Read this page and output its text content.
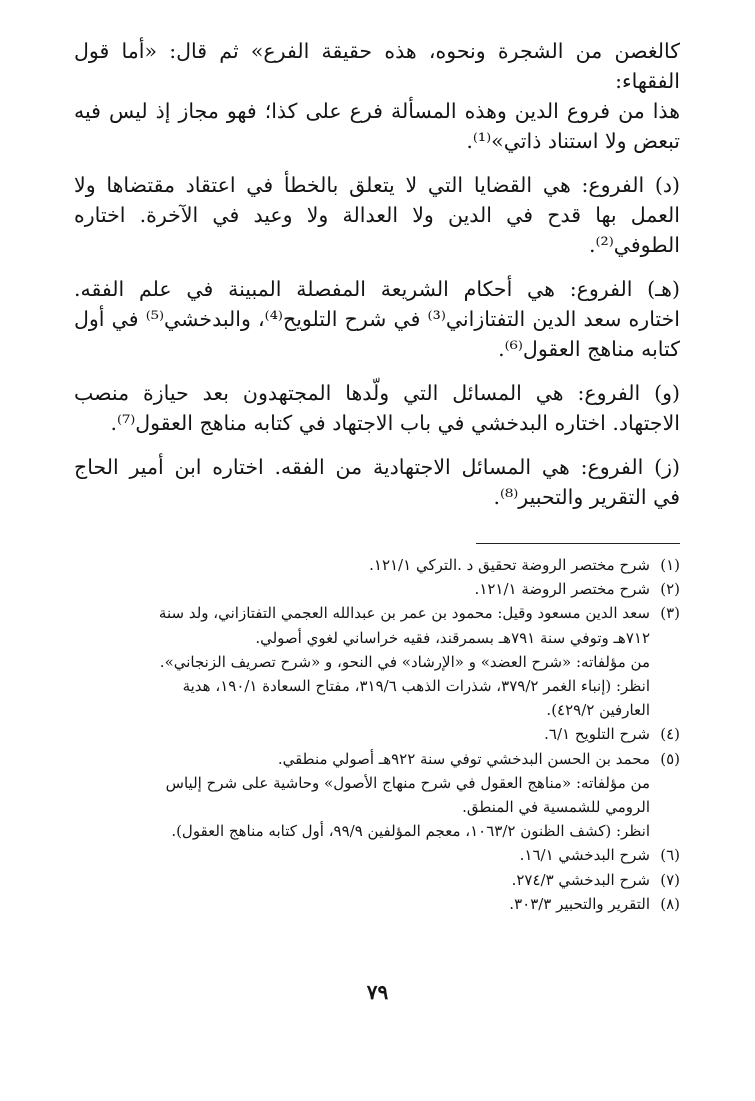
كالغصن من الشجرة ونحوه، هذه حقيقة الفرع» ثم قال: «أما قول الفقهاء:

هذا من فروع الدين وهذه المسألة فرع على كذا؛ فهو مجاز إذ ليس فيه

تبعض ولا استناد ذاتي»⁽¹⁾.

(د) الفروع: هي القضايا التي لا يتعلق بالخطأ في اعتقاد مقتضاها ولا

العمل بها قدح في الدين ولا العدالة ولا وعيد في الآخرة. اختاره

الطوفي⁽²⁾.

(هـ) الفروع: هي أحكام الشريعة المفصلة المبينة في علم الفقه.

اختاره سعد الدين التفتازاني⁽³⁾ في شرح التلويح⁽⁴⁾، والبدخشي⁽⁵⁾ في أول

كتابه مناهج العقول⁽⁶⁾.

(و) الفروع: هي المسائل التي ولّدها المجتهدون بعد حيازة منصب

الاجتهاد. اختاره البدخشي في باب الاجتهاد في كتابه مناهج العقول⁽⁷⁾.

(ز) الفروع: هي المسائل الاجتهادية من الفقه. اختاره ابن أمير الحاج

في التقرير والتحبير⁽⁸⁾.

(١)

شرح مختصر الروضة تحقيق د .التركي ١٢١/١.

(٢)

شرح مختصر الروضة ١٢١/١.

(٣)

سعد الدين مسعود وقيل: محمود بن عمر بن عبدالله العجمي التفتازاني، ولد سنة

٧١٢هـ وتوفي سنة ٧٩١هـ بسمرقند، فقيه خراساني لغوي أصولي.

من مؤلفاته: «شرح العضد» و «الإرشاد» في النحو، و «شرح تصريف الزنجاني».

انظر: (إنباء الغمر ٣٧٩/٢، شذرات الذهب ٣١٩/٦، مفتاح السعادة ١٩٠/١، هدية

العارفين ٤٢٩/٢).

(٤)

شرح التلويح ٦/١.

(٥)

محمد بن الحسن البدخشي توفي سنة ٩٢٢هـ أصولي منطقي.

من مؤلفاته: «مناهج العقول في شرح منهاج الأصول» وحاشية على شرح إلياس

الرومي للشمسية في المنطق.

انظر: (كشف الظنون ١٠٦٣/٢، معجم المؤلفين ٩٩/٩، أول كتابه مناهج العقول).

(٦)

شرح البدخشي ١٦/١.

(٧)

شرح البدخشي ٢٧٤/٣.

(٨)

التقرير والتحبير ٣٠٣/٣.

٧٩
